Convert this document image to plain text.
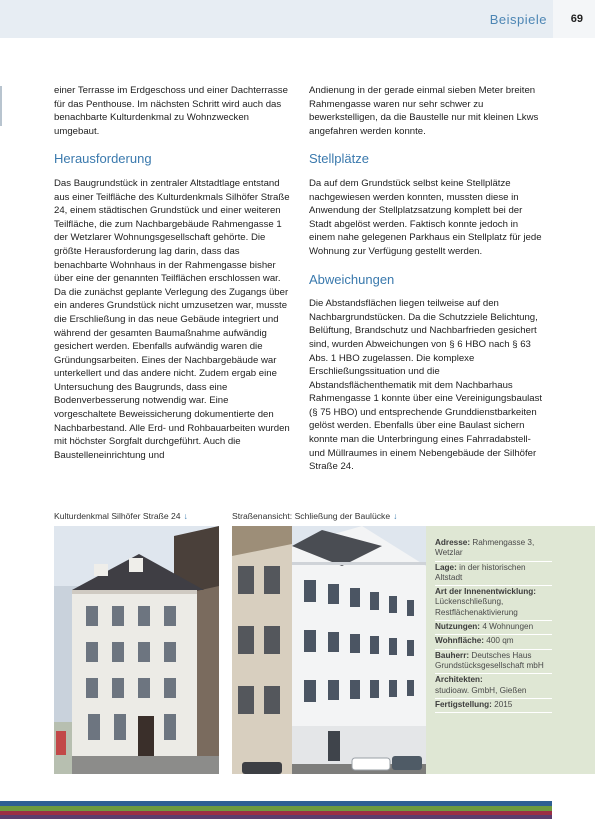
Beispiele 69

einer Terrasse im Erdgeschoss und einer Dachterrasse für das Penthouse. Im nächsten Schritt wird auch das benachbarte Kulturdenkmal zu Wohnzwecken umgebaut.

Herausforderung

Das Baugrundstück in zentraler Altstadtlage entstand aus einer Teilfläche des Kulturdenkmals Silhöfer Straße 24, einem städtischen Grundstück und einer weiteren Teilfläche, die zum Nachbargebäude Rahmengasse 1 der Wetzlarer Wohnungsgesellschaft gehörte. Die größte Herausforderung lag darin, dass das benachbarte Wohnhaus in der Rahmengasse bisher über eine der genannten Teilflächen erschlossen war. Da die zunächst geplante Verlegung des Zugangs über ein anderes Grundstück nicht umzusetzen war, musste die Erschließung in das neue Gebäude integriert und während der gesamten Baumaßnahme aufwändig gesichert werden. Ebenfalls aufwändig waren die Gründungsarbeiten. Eines der Nachbargebäude war unterkellert und das andere nicht. Zudem ergab eine Untersuchung des Baugrunds, dass eine Bodenverbesserung notwendig war. Eine vorgeschaltete Beweissicherung dokumentierte den Nachbarbestand. Alle Erd- und Rohbauarbeiten wurden mit höchster Sorgfalt durchgeführt. Auch die Baustelleneinrichtung und

Andienung in der gerade einmal sieben Meter breiten Rahmengasse waren nur sehr schwer zu bewerkstelligen, da die Baustelle nur mit kleinen Lkws angefahren werden konnte.

Stellplätze

Da auf dem Grundstück selbst keine Stellplätze nachgewiesen werden konnten, mussten diese in Anwendung der Stellplatzsatzung komplett bei der Stadt abgelöst werden. Faktisch konnte jedoch in einem nahe gelegenen Parkhaus ein Stellplatz für jede Wohnung zur Verfügung gestellt werden.

Abweichungen

Die Abstandsflächen liegen teilweise auf den Nachbargrundstücken. Da die Schutzziele Belichtung, Belüftung, Brandschutz und Nachbarfrieden gesichert sind, wurden Abweichungen von § 6 HBO nach § 63 Abs. 1 HBO zugelassen. Die komplexe Erschließungssituation und die Abstandsflächenthematik mit dem Nachbarhaus Rahmengasse 1 konnte über eine Vereinigungsbaulast (§ 75 HBO) und entsprechende Grunddienstbarkeiten gelöst werden. Ebenfalls über eine Baulast sichern konnte man die Unterbringung eines Fahrradabstell- und Müllraumes in einem Nebengebäude der Silhöfer Straße 24.

Kulturdenkmal Silhöfer Straße 24 ↓	Straßenansicht: Schließung der Baulücke ↓
Adresse: Rahmengasse 3, Wetzlar
Lage: in der historischen Altstadt
Art der Innenentwicklung: Lückenschließung, Restflächenaktivierung
Nutzungen: 4 Wohnungen
Wohnfläche: 400 qm
Bauherr: Deutsches Haus Grundstücksgesellschaft mbH
Architekten:
studioaw. GmbH, Gießen
Fertigstellung: 2015
